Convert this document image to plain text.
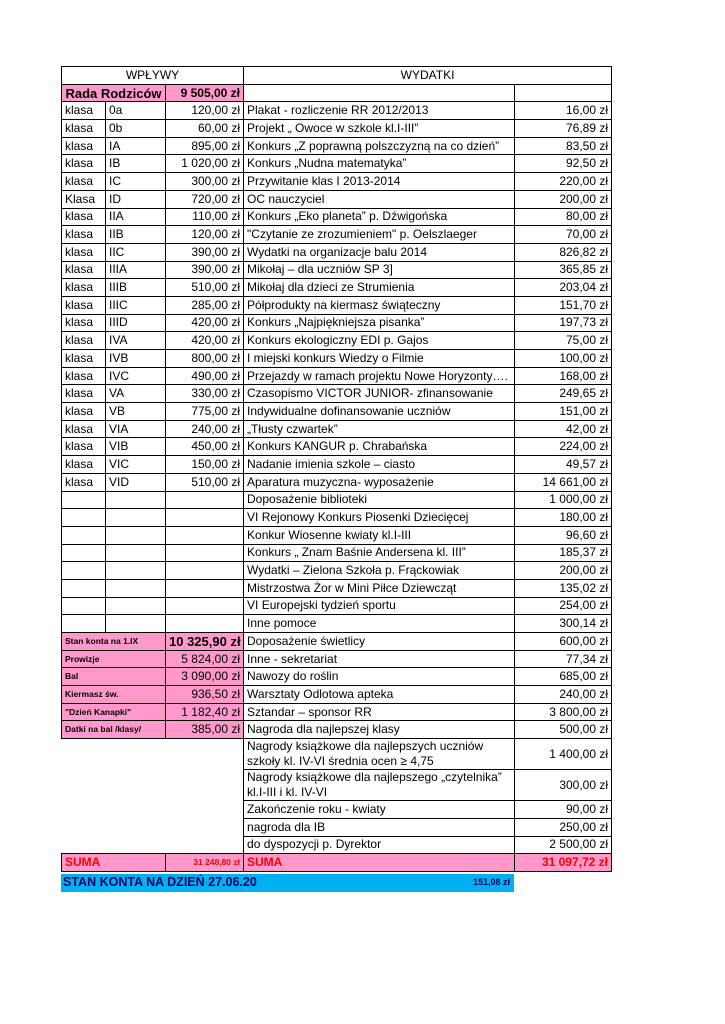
WPŁYWY			WYDATKI	
Rada Rodziców		9 505,00 zł		
klasa	0a	120,00 zł	Plakat - rozliczenie RR 2012/2013	16,00 zł
klasa	0b	60,00 zł	Projekt „ Owoce w szkole kl.I-III”	76,89 zł
klasa	IA	895,00 zł	Konkurs „Z poprawną polszczyzną na co dzień”	83,50 zł
klasa	IB	1 020,00 zł	Konkurs „Nudna matematyka”	92,50 zł
klasa	IC	300,00 zł	Przywitanie klas I 2013-2014	220,00 zł
Klasa	ID	720,00 zł	OC nauczyciel	200,00 zł
klasa	IIA	110,00 zł	Konkurs „Eko planeta” p. Dźwigońska	80,00 zł
klasa	IIB	120,00 zł	"Czytanie ze zrozumieniem" p. Oelszlaeger	70,00 zł
klasa	IIC	390,00 zł	Wydatki na organizacje balu 2014	826,82 zł
klasa	IIIA	390,00 zł	Mikołaj – dla uczniów SP 3]	365,85 zł
klasa	IIIB	510,00 zł	Mikołaj dla dzieci ze Strumienia	203,04 zł
klasa	IIIC	285,00 zł	Półprodukty na kiermasz świąteczny	151,70 zł
klasa	IIID	420,00 zł	Konkurs „Najpiękniejsza pisanka”	197,73 zł
klasa	IVA	420,00 zł	Konkurs ekologiczny EDI p. Gajos	75,00 zł
klasa	IVB	800,00 zł	I miejski konkurs Wiedzy o Filmie	100,00 zł
klasa	IVC	490,00 zł	Przejazdy w ramach projektu Nowe Horyzonty….	168,00 zł
klasa	VA	330,00 zł	Czasopismo VICTOR JUNIOR- zfinansowanie	249,65 zł
klasa	VB	775,00 zł	Indywidualne dofinansowanie uczniów	151,00 zł
klasa	VIA	240,00 zł	„Tłusty czwartek”	42,00 zł
klasa	VIB	450,00 zł	Konkurs KANGUR p. Chrabańska	224,00 zł
klasa	VIC	150,00 zł	Nadanie imienia szkole – ciasto	49,57 zł
klasa	VID	510,00 zł	Aparatura muzyczna- wyposażenie	14 661,00 zł
			Doposażenie biblioteki	1 000,00 zł
			VI Rejonowy Konkurs Piosenki Dziecięcej	180,00 zł
			Konkur Wiosenne kwiaty kl.I-III	96,60 zł
			Konkurs „ Znam Baśnie Andersena kl. III”	185,37 zł
			Wydatki – Zielona Szkoła p. Frąckowiak	200,00 zł
			Mistrzostwa Żor w Mini Piłce Dziewcząt	135,02 zł
			VI Europejski tydzień sportu	254,00 zł
			Inne pomoce	300,14 zł
Stan konta na 1.IX		10 325,90 zł	Doposażenie świetlicy	600,00 zł
Prowizje		5 824,00 zł	Inne - sekretariat	77,34 zł
Bal		3 090,00 zł	Nawozy do roślin	685,00 zł
Kiermasz św.		936,50 zł	Warsztaty Odlotowa apteka	240,00 zł
"Dzień Kanapki"		1 182,40 zł	Sztandar – sponsor RR	3 800,00 zł
Datki na bal /klasy/		385,00 zł	Nagroda dla najlepszej klasy	500,00 zł
			Nagrody książkowe dla najlepszych uczniów szkoły kl. IV-VI średnia ocen ≥ 4,75	1 400,00 zł
			Nagrody książkowe dla najlepszego „czytelnika” kl.I-III i kl. IV-VI	300,00 zł
			Zakończenie roku - kwiaty	90,00 zł
			nagroda dla IB	250,00 zł
			do dyspozycji p. Dyrektor	2 500,00 zł
SUMA		31 248,80 zł	SUMA	31 097,72 zł
STAN KONTA NA DZIEŃ 27.06.20	151,08 zł
